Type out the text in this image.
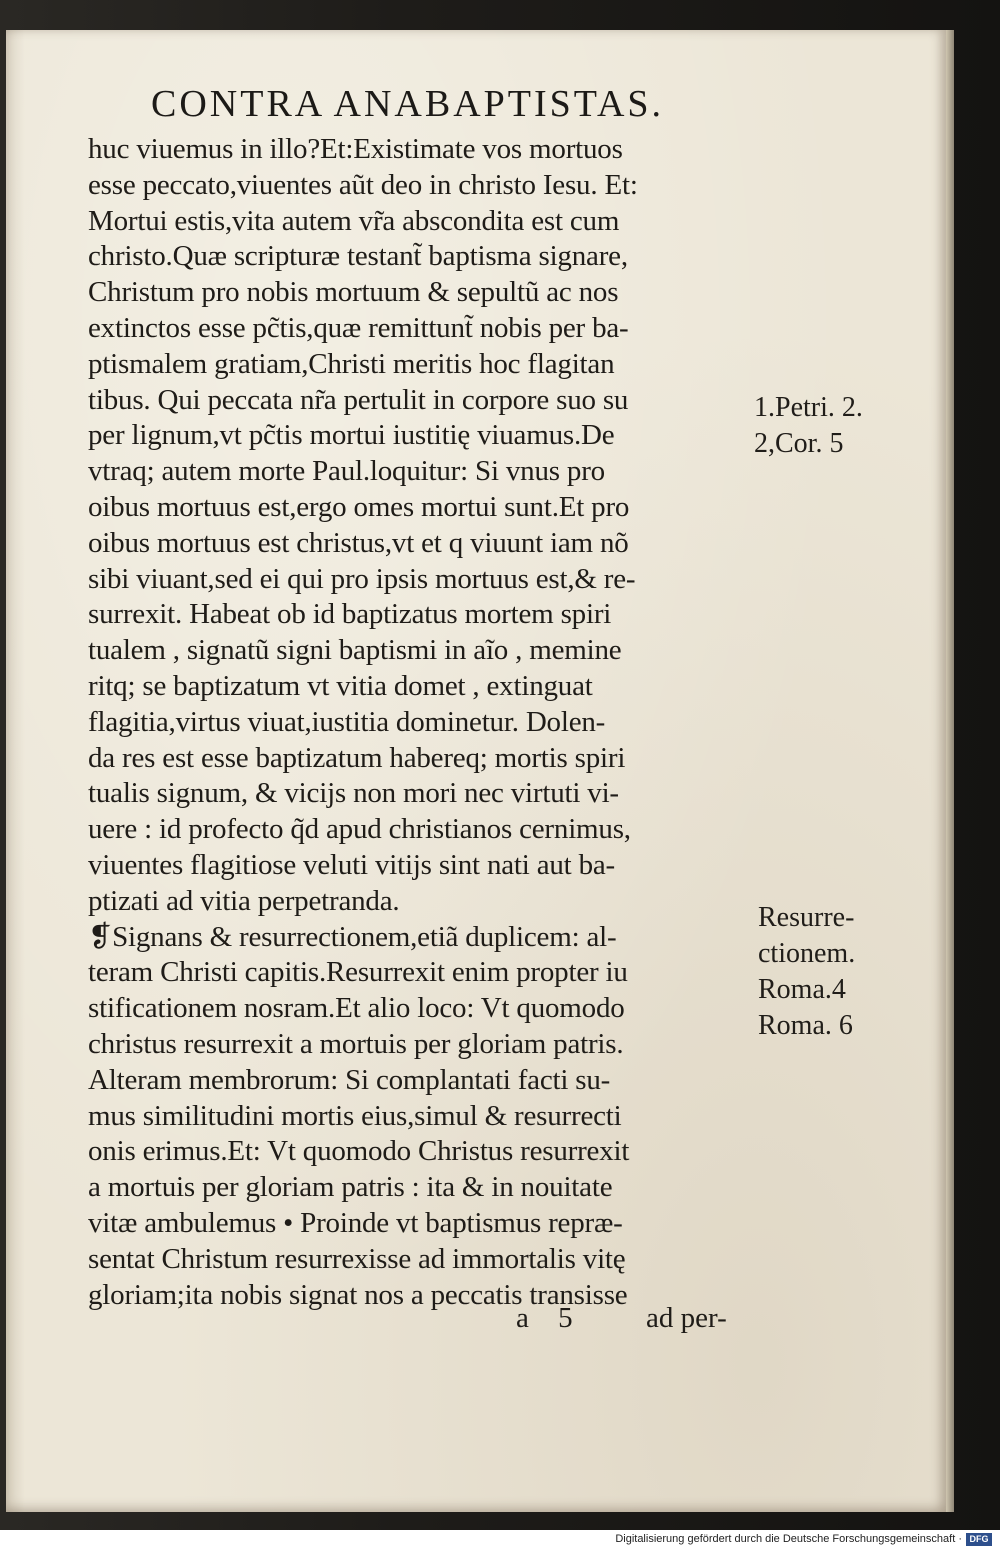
CONTRA ANABAPTISTAS.
huc viuemus in illo?Et:Existimate vos mortuos
esse peccato,viuentes aũt deo in christo Iesu. Et:
Mortui estis,vita autem vr̃a abscondita est cum
christo.Quæ scripturæ testant̃ baptisma signare,
Christum pro nobis mortuum & sepultũ ac nos
extinctos esse pc̃tis,quæ remittunt̃ nobis per ba-
ptismalem gratiam,Christi meritis hoc flagitan
tibus. Qui peccata nr̃a pertulit in corpore suo su
per lignum,vt pc̃tis mortui iustitię viuamus.De
vtraq; autem morte Paul.loquitur: Si vnus pro
oibus mortuus est,ergo omes mortui sunt.Et pro
oibus mortuus est christus,vt et q viuunt iam nõ
sibi viuant,sed ei qui pro ipsis mortuus est,& re-
surrexit. Habeat ob id baptizatus mortem spiri
tualem , signatũ signi baptismi in aĩo , memine
ritq; se baptizatum vt vitia domet , extinguat
flagitia,virtus viuat,iustitia dominetur. Dolen-
da res est esse baptizatum habereq; mortis spiri
tualis signum, & vicijs non mori nec virtuti vi-
uere : id profecto q̃d apud christianos cernimus,
viuentes flagitiose veluti vitijs sint nati aut ba-
ptizati ad vitia perpetranda.
❡Signans & resurrectionem,etiã duplicem: al-
teram Christi capitis.Resurrexit enim propter iu
stificationem nosram.Et alio loco: Vt quomodo
christus resurrexit a mortuis per gloriam patris.
Alteram membrorum: Si complantati facti su-
mus similitudini mortis eius,simul & resurrecti
onis erimus.Et: Vt quomodo Christus resurrexit
a mortuis per gloriam patris : ita & in nouitate
vitæ ambulemus • Proinde vt baptismus repræ-
sentat Christum resurrexisse ad immortalis vitę
gloriam;ita nobis signat nos a peccatis transisse
1.Petri. 2.
2,Cor. 5
Resurre-
ctionem.
Roma.4
Roma. 6
a 5	ad per-
Digitalisierung gefördert durch die Deutsche Forschungsgemeinschaft · DFG
